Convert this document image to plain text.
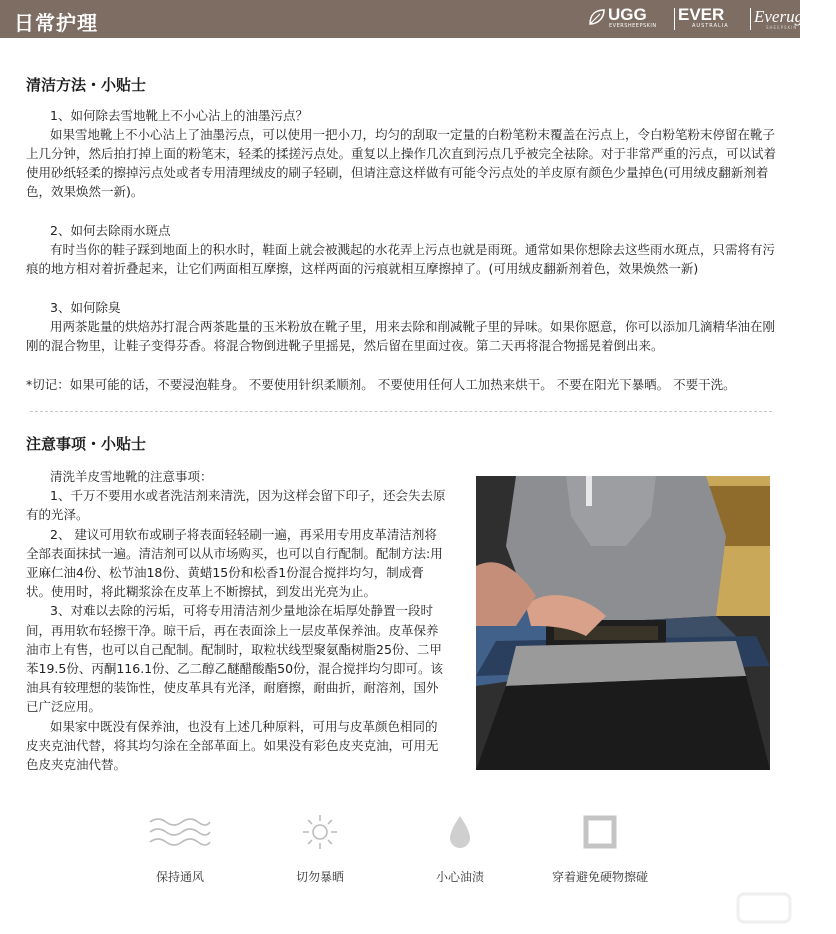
日常护理	UGG
EVERSHEEPSKIN
EVER
AUSTRALIA Everugg
SHEEPSKIN
清洁方法・小贴士

1、如何除去雪地靴上不小心沾上的油墨污点？

如果雪地靴上不小心沾上了油墨污点，可以使用一把小刀，均匀的刮取一定量的白粉笔粉末覆盖在污点上，令白粉笔粉末停留在靴子上几分钟，然后拍打掉上面的粉笔末，轻柔的揉搓污点处。重复以上操作几次直到污点几乎被完全祛除。对于非常严重的污点，可以试着使用砂纸轻柔的擦掉污点处或者专用清理绒皮的刷子轻刷，但请注意这样做有可能令污点处的羊皮原有颜色少量掉色(可用绒皮翻新剂着色，效果焕然一新)。

2、如何去除雨水斑点

有时当你的鞋子踩到地面上的积水时，鞋面上就会被溅起的水花弄上污点也就是雨斑。通常如果你想除去这些雨水斑点，只需将有污痕的地方相对着折叠起来，让它们两面相互摩擦，这样两面的污痕就相互摩擦掉了。(可用绒皮翻新剂着色，效果焕然一新)

3、如何除臭

用两茶匙量的烘焙苏打混合两茶匙量的玉米粉放在靴子里，用来去除和削减靴子里的异味。如果你愿意，你可以添加几滴精华油在刚刚的混合物里，让鞋子变得芬香。将混合物倒进靴子里摇晃，然后留在里面过夜。第二天再将混合物摇晃着倒出来。

*切记：如果可能的话，不要浸泡鞋身。 不要使用针织柔顺剂。 不要使用任何人工加热来烘干。 不要在阳光下暴晒。 不要干洗。
注意事项・小贴士

清洗羊皮雪地靴的注意事项：

1、千万不要用水或者洗洁剂来清洗，因为这样会留下印子，还会失去原有的光泽。

2、 建议可用软布或刷子将表面轻轻刷一遍，再采用专用皮革清洁剂将全部表面抹拭一遍。清洁剂可以从市场购买，也可以自行配制。配制方法:用亚麻仁油4份、松节油18份、黄蜡15份和松香1份混合搅拌均匀，制成膏状。使用时，将此糊浆涂在皮革上不断擦拭，到发出光亮为止。

3、对难以去除的污垢，可将专用清洁剂少量地涂在垢厚处静置一段时间，再用软布轻擦干净。晾干后，再在表面涂上一层皮革保养油。皮革保养油市上有售，也可以自己配制。配制时，取粒状线型聚氨酯树脂25份、二甲苯19.5份、丙酮116.1份、乙二醇乙醚醋酸酯50份，混合搅拌均匀即可。该油具有较理想的装饰性，使皮革具有光泽，耐磨擦，耐曲折，耐溶剂，国外已广泛应用。

如果家中既没有保养油，也没有上述几种原料，可用与皮革颜色相同的皮夹克油代替，将其均匀涂在全部革面上。如果没有彩色皮夹克油，可用无色皮夹克油代替。

保持通风	切勿暴晒	小心油渍	穿着避免硬物擦碰
